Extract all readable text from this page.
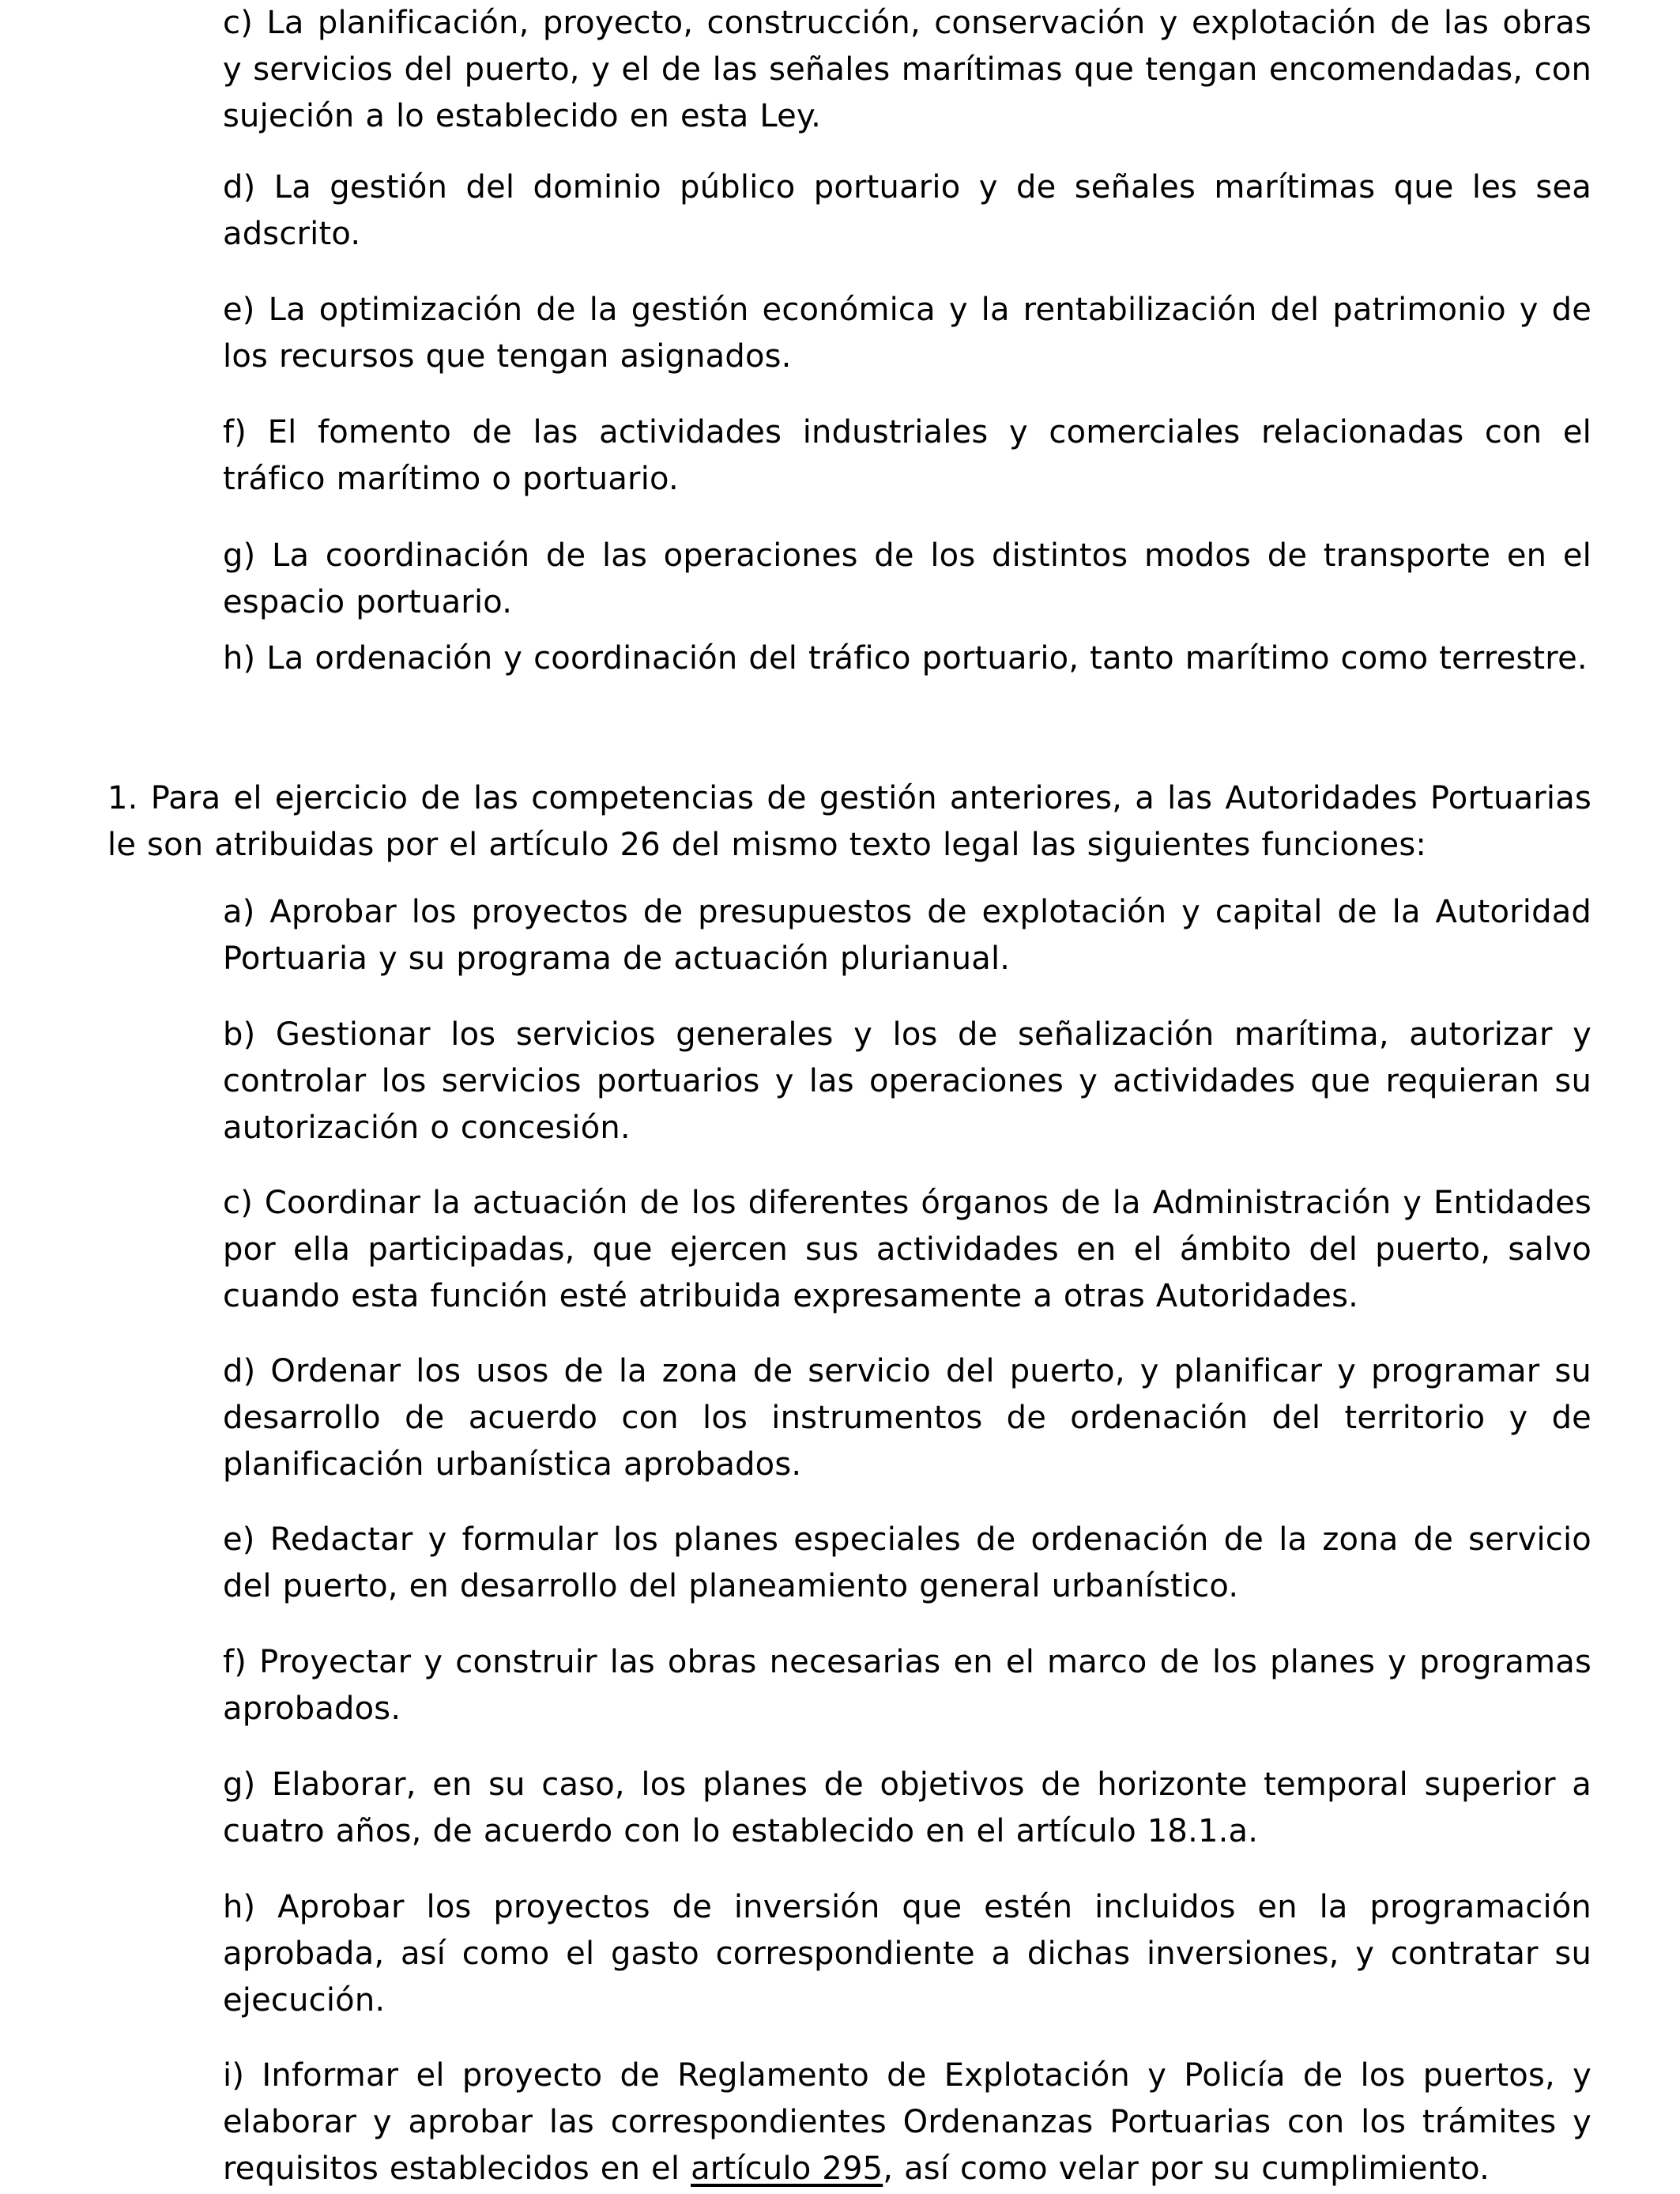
c) La planificación, proyecto, construcción, conservación y explotación de las obras y servicios del puerto, y el de las señales marítimas que tengan encomendadas, con sujeción a lo establecido en esta Ley.

d) La gestión del dominio público portuario y de señales marítimas que les sea adscrito.

e) La optimización de la gestión económica y la rentabilización del patrimonio y de los recursos que tengan asignados.

f) El fomento de las actividades industriales y comerciales relacionadas con el tráfico marítimo o portuario.

g) La coordinación de las operaciones de los distintos modos de transporte en el espacio portuario.

h) La ordenación y coordinación del tráfico portuario, tanto marítimo como terrestre.

1. Para el ejercicio de las competencias de gestión anteriores, a las Autoridades Portuarias le son atribuidas por el artículo 26 del mismo texto legal las siguientes funciones:

a) Aprobar los proyectos de presupuestos de explotación y capital de la Autoridad Portuaria y su programa de actuación plurianual.

b) Gestionar los servicios generales y los de señalización marítima, autorizar y controlar los servicios portuarios y las operaciones y actividades que requieran su autorización o concesión.

c) Coordinar la actuación de los diferentes órganos de la Administración y Entidades por ella participadas, que ejercen sus actividades en el ámbito del puerto, salvo cuando esta función esté atribuida expresamente a otras Autoridades.

d) Ordenar los usos de la zona de servicio del puerto, y planificar y programar su desarrollo de acuerdo con los instrumentos de ordenación del territorio y de planificación urbanística aprobados.

e) Redactar y formular los planes especiales de ordenación de la zona de servicio del puerto, en desarrollo del planeamiento general urbanístico.

f) Proyectar y construir las obras necesarias en el marco de los planes y programas aprobados.

g) Elaborar, en su caso, los planes de objetivos de horizonte temporal superior a cuatro años, de acuerdo con lo establecido en el artículo 18.1.a.

h) Aprobar los proyectos de inversión que estén incluidos en la programación aprobada, así como el gasto correspondiente a dichas inversiones, y contratar su ejecución.

i) Informar el proyecto de Reglamento de Explotación y Policía de los puertos, y elaborar y aprobar las correspondientes Ordenanzas Portuarias con los trámites y requisitos establecidos en el artículo 295, así como velar por su cumplimiento.
